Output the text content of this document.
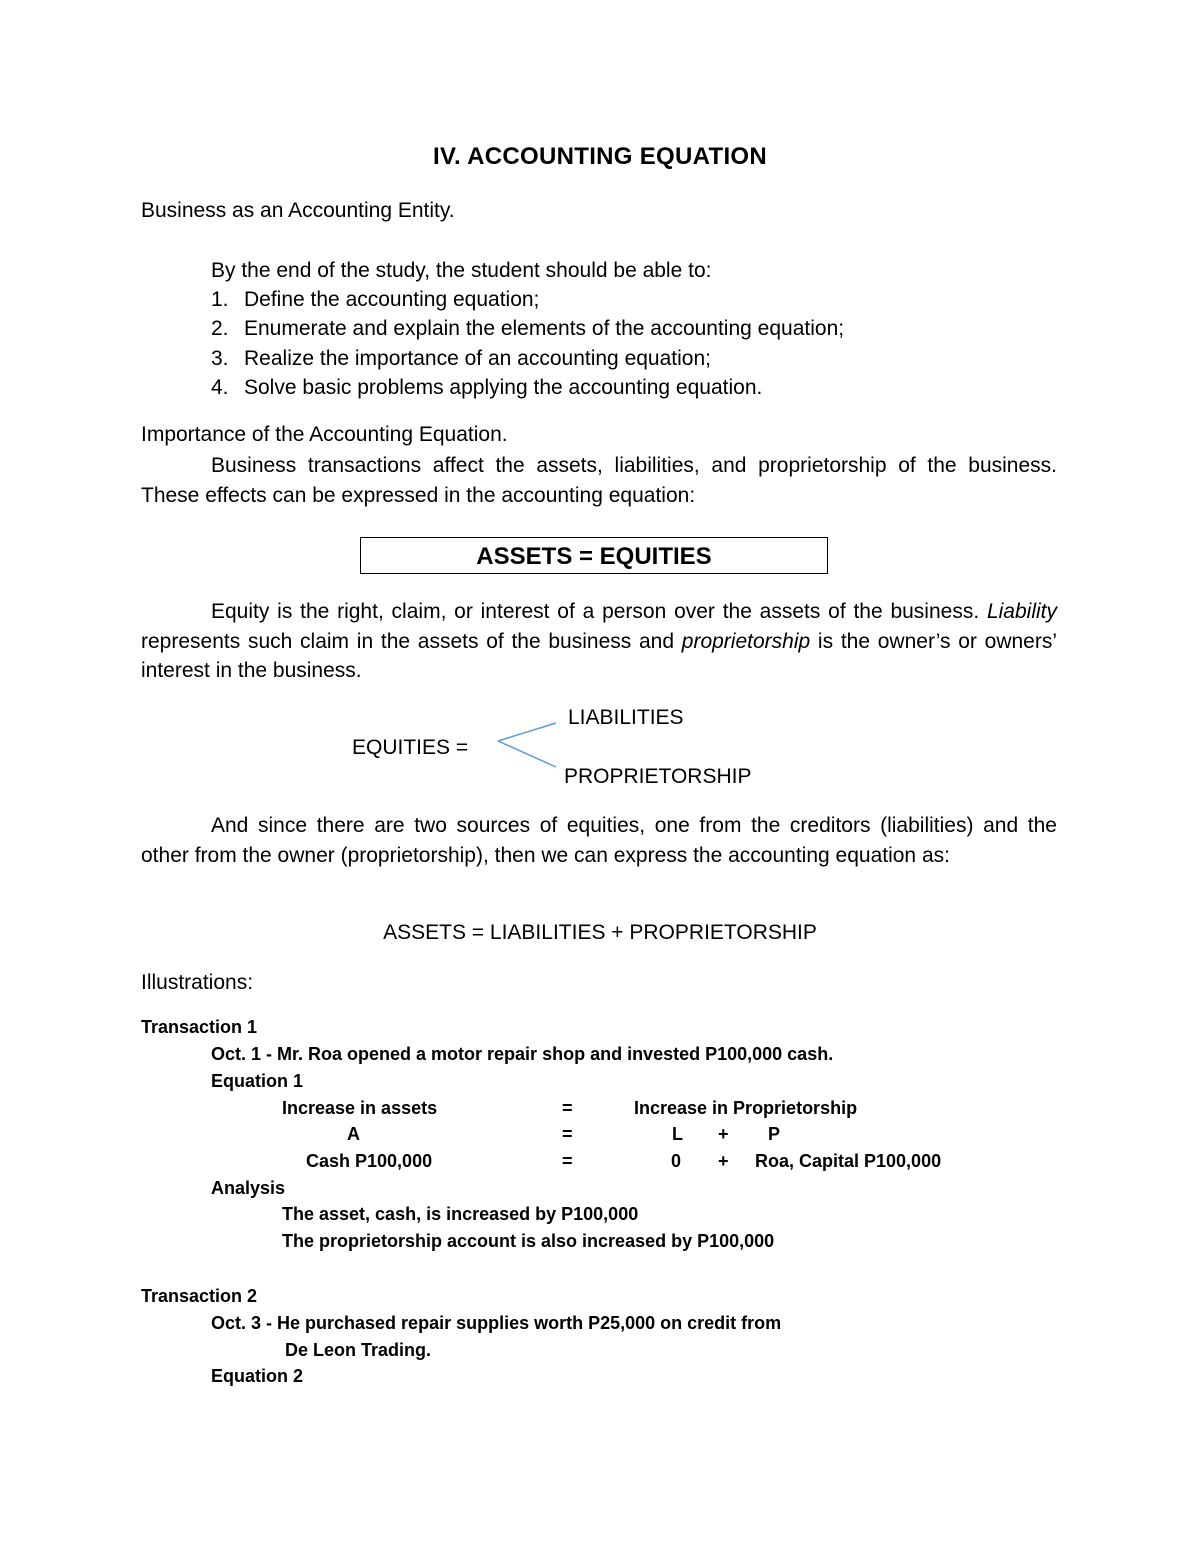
IV. ACCOUNTING EQUATION
Business as an Accounting Entity.
By the end of the study, the student should be able to:
1. Define the accounting equation;
2. Enumerate and explain the elements of the accounting equation;
3. Realize the importance of an accounting equation;
4. Solve basic problems applying the accounting equation.
Importance of the Accounting Equation.
Business transactions affect the assets, liabilities, and proprietorship of the business. These effects can be expressed in the accounting equation:
ASSETS = EQUITIES
Equity is the right, claim, or interest of a person over the assets of the business. Liability represents such claim in the assets of the business and proprietorship is the owner’s or owners’ interest in the business.
EQUITIES =
LIABILITIES
PROPRIETORSHIP
And since there are two sources of equities, one from the creditors (liabilities) and the other from the owner (proprietorship), then we can express the accounting equation as:
ASSETS = LIABILITIES + PROPRIETORSHIP
Illustrations:
Transaction 1
Oct. 1 - Mr. Roa opened a motor repair shop and invested P100,000 cash.
Equation 1
Increase in assets	=	Increase in Proprietorship
A	=	L + P
Cash P100,000	=	0 + Roa, Capital P100,000
Analysis
The asset, cash, is increased by P100,000
The proprietorship account is also increased by P100,000
Transaction 2
Oct. 3 - He purchased repair supplies worth P25,000 on credit from
De Leon Trading.
Equation 2
